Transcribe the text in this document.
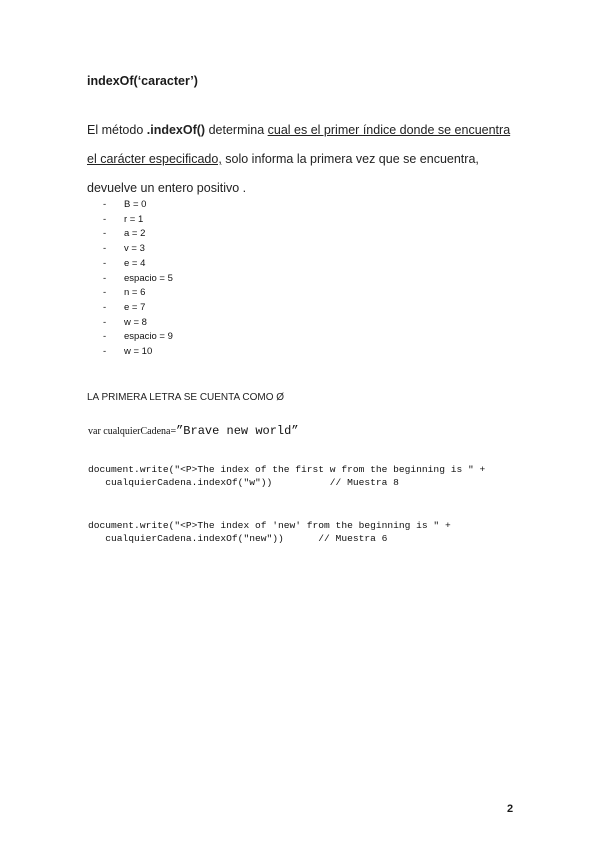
indexOf(‘caracter’)
El método .indexOf() determina cual es el primer índice donde se encuentra el carácter especificado, solo informa la primera vez que se encuentra, devuelve un entero positivo .
- B = 0
- r = 1
- a = 2
- v = 3
- e = 4
- espacio = 5
- n = 6
- e = 7
- w = 8
- espacio = 9
- w = 10
LA PRIMERA LETRA SE CUENTA COMO Ø
var cualquierCadena=”Brave new world”
document.write("<P>The index of the first w from the beginning is " +
cualquierCadena.indexOf("w"))          // Muestra 8
document.write("<P>The index of 'new' from the beginning is " +
cualquierCadena.indexOf("new"))      // Muestra 6
2
